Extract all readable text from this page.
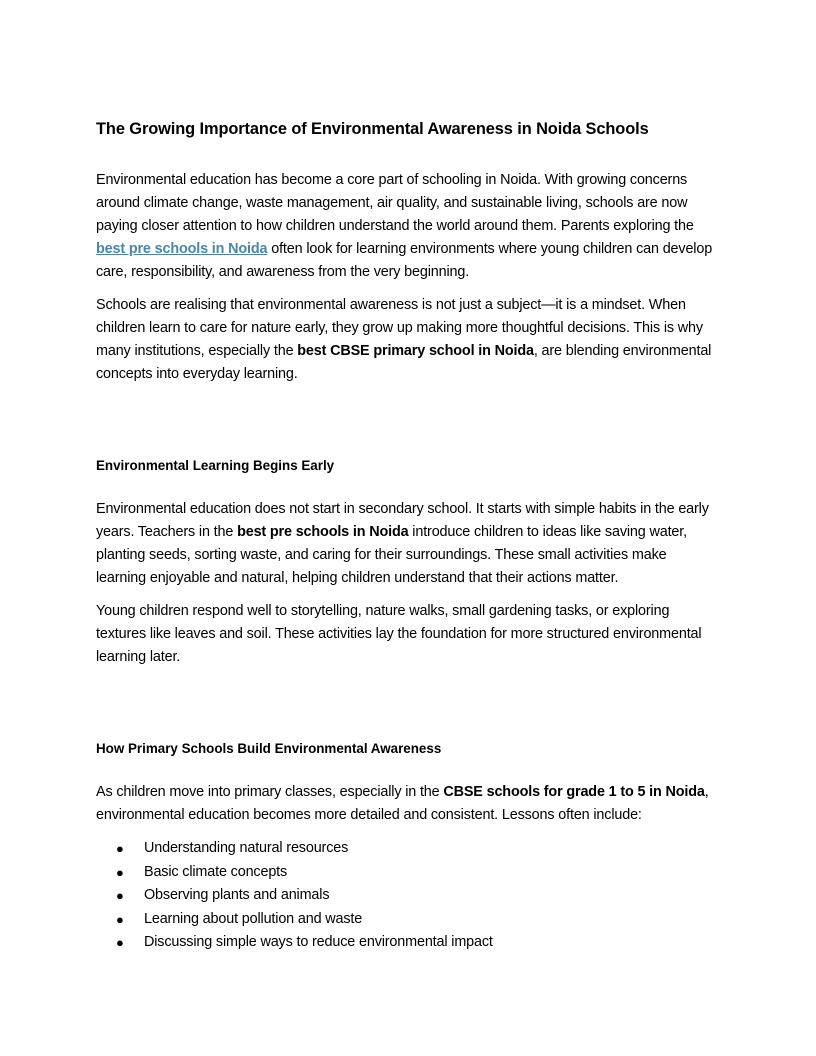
The Growing Importance of Environmental Awareness in Noida Schools

Environmental education has become a core part of schooling in Noida. With growing concerns around climate change, waste management, air quality, and sustainable living, schools are now paying closer attention to how children understand the world around them. Parents exploring the best pre schools in Noida often look for learning environments where young children can develop care, responsibility, and awareness from the very beginning.

Schools are realising that environmental awareness is not just a subject—it is a mindset. When children learn to care for nature early, they grow up making more thoughtful decisions. This is why many institutions, especially the best CBSE primary school in Noida, are blending environmental concepts into everyday learning.

Environmental Learning Begins Early

Environmental education does not start in secondary school. It starts with simple habits in the early years. Teachers in the best pre schools in Noida introduce children to ideas like saving water, planting seeds, sorting waste, and caring for their surroundings. These small activities make learning enjoyable and natural, helping children understand that their actions matter.

Young children respond well to storytelling, nature walks, small gardening tasks, or exploring textures like leaves and soil. These activities lay the foundation for more structured environmental learning later.

How Primary Schools Build Environmental Awareness

As children move into primary classes, especially in the CBSE schools for grade 1 to 5 in Noida, environmental education becomes more detailed and consistent. Lessons often include:

● Understanding natural resources
● Basic climate concepts
● Observing plants and animals
● Learning about pollution and waste
● Discussing simple ways to reduce environmental impact
